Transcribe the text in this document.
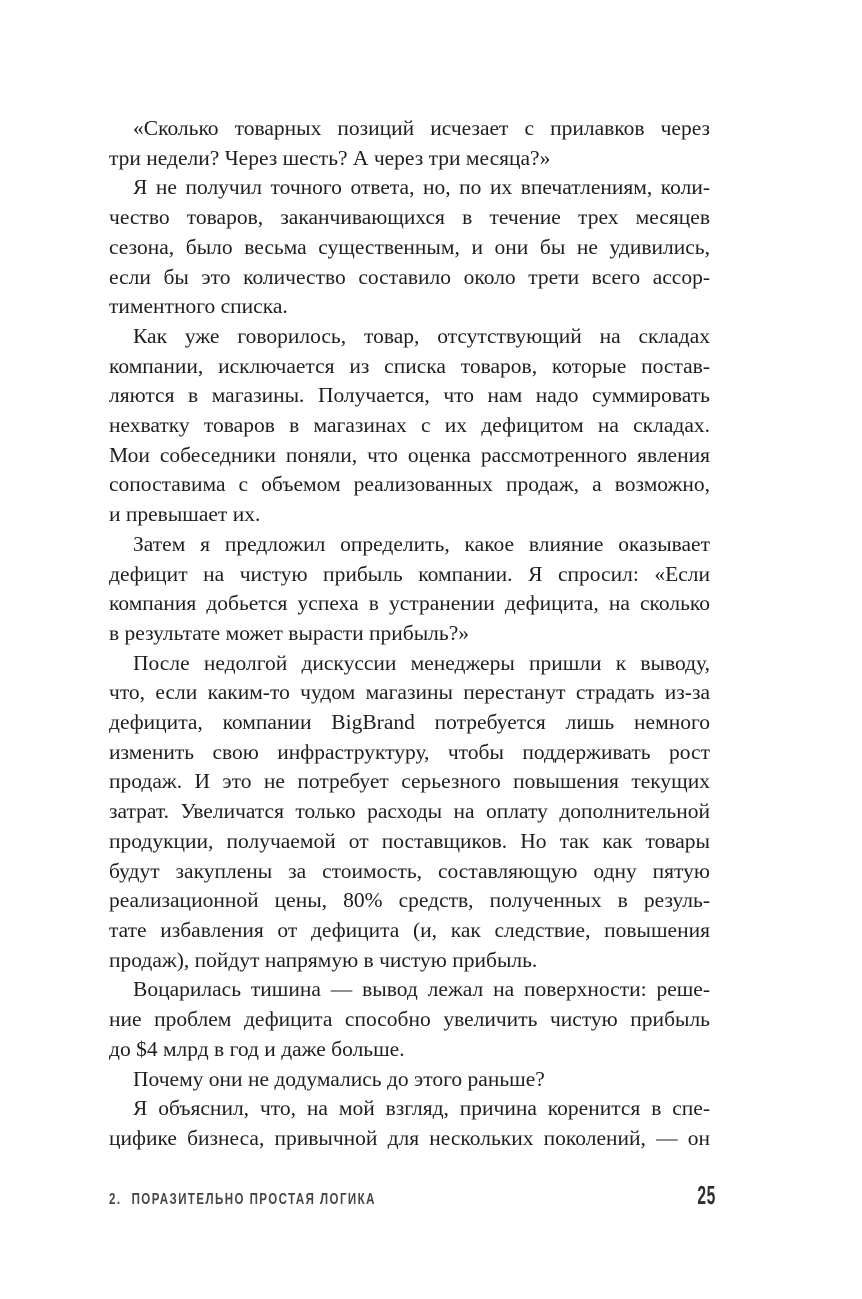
«Сколько товарных позиций исчезает с прилавков через
три недели? Через шесть? А через три месяца?»
Я не получил точного ответа, но, по их впечатлениям, коли-
чество товаров, заканчивающихся в течение трех месяцев
сезона, было весьма существенным, и они бы не удивились,
если бы это количество составило около трети всего ассор-
тиментного списка.
Как уже говорилось, товар, отсутствующий на складах
компании, исключается из списка товаров, которые постав-
ляются в магазины. Получается, что нам надо суммировать
нехватку товаров в магазинах с их дефицитом на складах.
Мои собеседники поняли, что оценка рассмотренного явления
сопоставима с объемом реализованных продаж, а возможно,
и превышает их.
Затем я предложил определить, какое влияние оказывает
дефицит на чистую прибыль компании. Я спросил: «Если
компания добьется успеха в устранении дефицита, на сколько
в результате может вырасти прибыль?»
После недолгой дискуссии менеджеры пришли к выводу,
что, если каким-то чудом магазины перестанут страдать из-за
дефицита, компании BigBrand потребуется лишь немного
изменить свою инфраструктуру, чтобы поддерживать рост
продаж. И это не потребует серьезного повышения текущих
затрат. Увеличатся только расходы на оплату дополнительной
продукции, получаемой от поставщиков. Но так как товары
будут закуплены за стоимость, составляющую одну пятую
реализационной цены, 80% средств, полученных в резуль-
тате избавления от дефицита (и, как следствие, повышения
продаж), пойдут напрямую в чистую прибыль.
Воцарилась тишина — вывод лежал на поверхности: реше-
ние проблем дефицита способно увеличить чистую прибыль
до $4 млрд в год и даже больше.
Почему они не додумались до этого раньше?
Я объяснил, что, на мой взгляд, причина коренится в спе-
цифике бизнеса, привычной для нескольких поколений, — он
2. ПОРАЗИТЕЛЬНО ПРОСТАЯ ЛОГИКА	25
